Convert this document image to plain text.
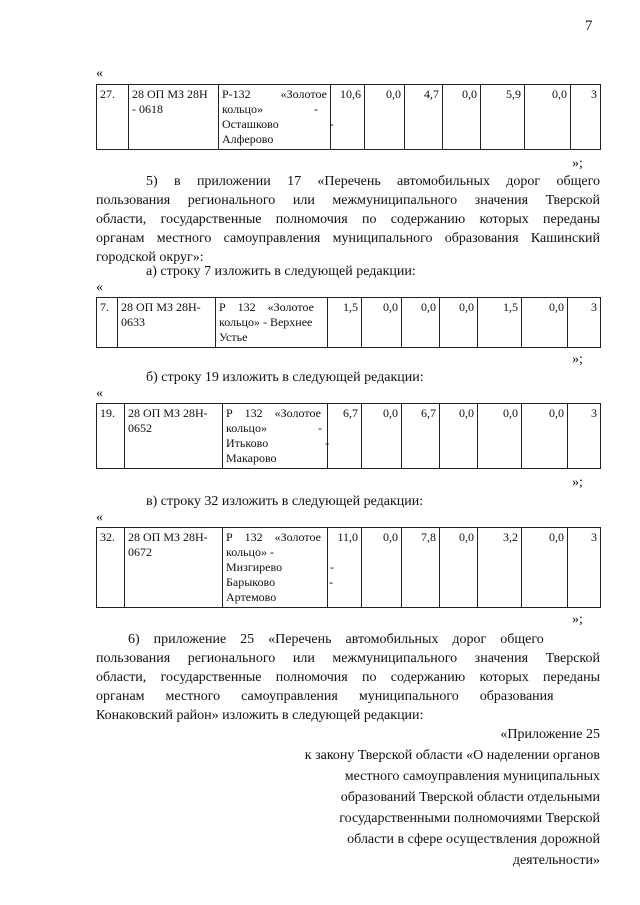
7
«
27.	28 ОП МЗ 28Н
- 0618

Р-132          «Золотое
кольцо»                 -
Осташково                 -
Алферово
	10,6	0,0	4,7	0,0	5,9	0,0	3
»;
5) в приложении 17 «Перечень автомобильных дорог общего
пользования регионального или межмуниципального значения Тверской
области, государственные полномочия по содержанию которых переданы
органам местного самоуправления муниципального образования Кашинский
городской округ»:
а) строку 7 изложить в следующей редакции:
«
7.	28 ОП МЗ 28Н-
0633

Р    132    «Золотое
кольцо» - Верхнее
Устье
	1,5	0,0	0,0	0,0	1,5	0,0	3
»;
б) строку 19 изложить в следующей редакции:
«
19.	28 ОП МЗ 28Н-
0652

Р    132    «Золотое
кольцо»                 -
Итьково                   -
Макарово
	6,7	0,0	6,7	0,0	0,0	0,0	3
»;
в) строку 32 изложить в следующей редакции:
«
32.	28 ОП МЗ 28Н-
0672

Р    132    «Золотое
кольцо» -
Мизгирево                -
Барыково                  -
Артемово
	11,0	0,0	7,8	0,0	3,2	0,0	3
»;
6)    приложение    25    «Перечень    автомобильных    дорог    общего
пользования регионального или межмуниципального значения Тверской
области, государственные полномочия по содержанию которых переданы
органам      местного      самоуправления      муниципального      образования
Конаковский район» изложить в следующей редакции:
«Приложение 25
к закону Тверской области «О наделении органов
местного самоуправления муниципальных
образований Тверской области отдельными
государственными полномочиями Тверской
области в сфере осуществления дорожной
деятельности»
